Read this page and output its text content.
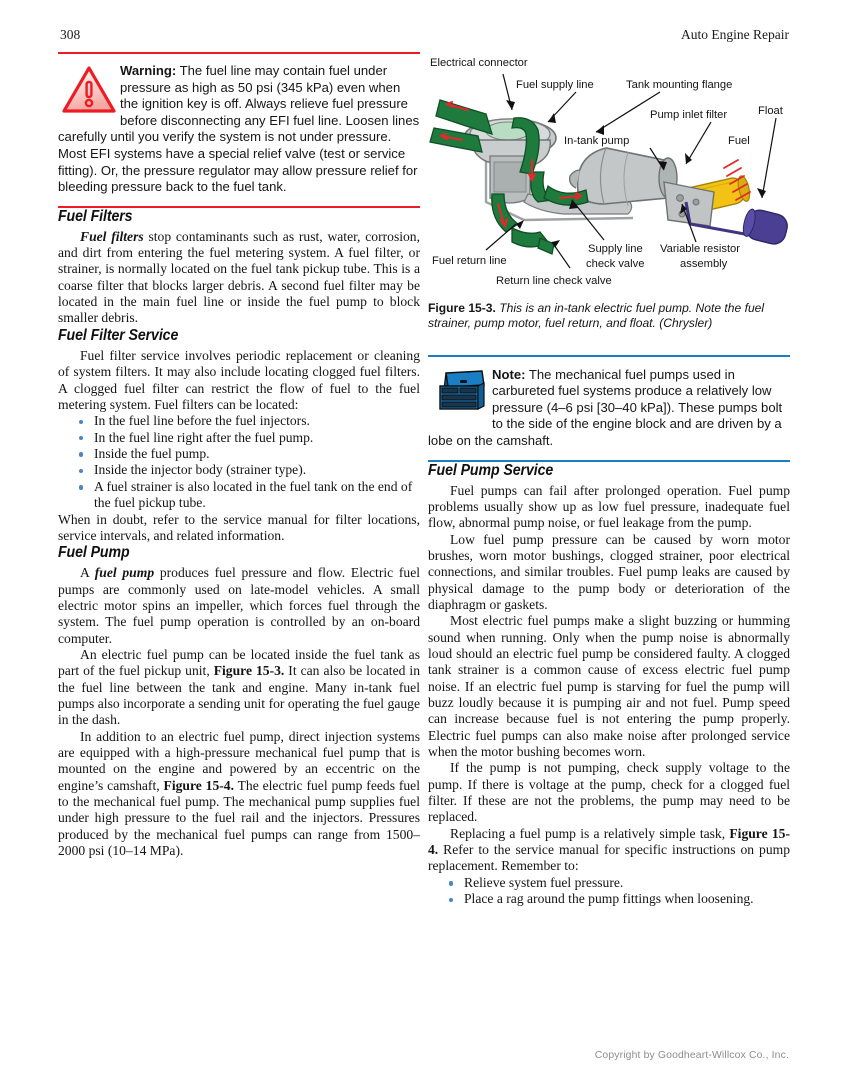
308	Auto Engine Repair

Warning: The fuel line may contain fuel under pressure as high as 50 psi (345 kPa) even when the ignition key is off. Always relieve fuel pressure before disconnecting any EFI fuel line. Loosen lines carefully until you verify the system is not under pressure. Most EFI systems have a special relief valve (test or service fitting). Or, the pressure regulator may allow pressure relief for bleeding pressure back to the fuel tank.

Fuel Filters

Fuel filters stop contaminants such as rust, water, corrosion, and dirt from entering the fuel metering system. A fuel filter, or strainer, is normally located on the fuel tank pickup tube. This is a coarse filter that blocks larger debris. A second fuel filter may be located in the main fuel line or inside the fuel pump to block smaller debris.

Fuel Filter Service

Fuel filter service involves periodic replacement or cleaning of system filters. It may also include locating clogged fuel filters. A clogged fuel filter can restrict the flow of fuel to the fuel metering system. Fuel filters can be located:

In the fuel line before the fuel injectors.
In the fuel line right after the fuel pump.
Inside the fuel pump.
Inside the injector body (strainer type).
A fuel strainer is also located in the fuel tank on the end of the fuel pickup tube.

When in doubt, refer to the service manual for filter locations, service intervals, and related information.

Fuel Pump

A fuel pump produces fuel pressure and flow. Electric fuel pumps are commonly used on late-model vehicles. A small electric motor spins an impeller, which forces fuel through the system. The fuel pump operation is controlled by an on-board computer.

An electric fuel pump can be located inside the fuel tank as part of the fuel pickup unit, Figure 15-3. It can also be located in the fuel line between the tank and engine. Many in-tank fuel pumps also incorporate a sending unit for operating the fuel gauge in the dash.

In addition to an electric fuel pump, direct injection systems are equipped with a high-pressure mechanical fuel pump that is mounted on the engine and powered by an eccentric on the engine’s camshaft, Figure 15-4. The electric fuel pump feeds fuel to the mechanical fuel pump. The mechanical pump supplies fuel under high pressure to the fuel rail and the injectors. Pressures produced by the mechanical fuel pumps can range from 1500–2000 psi (10–14 MPa).

Electrical connector
Fuel supply line	Tank mounting flange
Pump inlet filter	Float
In-tank pump	Fuel
Supply line
check valve
Variable resistor
assembly
Fuel return line
Return line check valve

Figure 15-3. This is an in-tank electric fuel pump. Note the fuel strainer, pump motor, fuel return, and float. (Chrysler)

Note: The mechanical fuel pumps used in carbureted fuel systems produce a relatively low pressure (4–6 psi [30–40 kPa]). These pumps bolt to the side of the engine block and are driven by a lobe on the camshaft.

Fuel Pump Service

Fuel pumps can fail after prolonged operation. Fuel pump problems usually show up as low fuel pressure, inadequate fuel flow, abnormal pump noise, or fuel leakage from the pump.

Low fuel pump pressure can be caused by worn motor brushes, worn motor bushings, clogged strainer, poor electrical connections, and similar troubles. Fuel pump leaks are caused by physical damage to the pump body or deterioration of the diaphragm or gaskets.

Most electric fuel pumps make a slight buzzing or humming sound when running. Only when the pump noise is abnormally loud should an electric fuel pump be considered faulty. A clogged tank strainer is a common cause of excess electric fuel pump noise. If an electric fuel pump is starving for fuel the pump will buzz loudly because it is pumping air and not fuel. Pump speed can increase because fuel is not entering the pump properly. Electric fuel pumps can also make noise after prolonged service when the motor bushing becomes worn.

If the pump is not pumping, check supply voltage to the pump. If there is voltage at the pump, check for a clogged fuel filter. If these are not the problems, the pump may need to be replaced.

Replacing a fuel pump is a relatively simple task, Figure 15-4. Refer to the service manual for specific instructions on pump replacement. Remember to:

Relieve system fuel pressure.
Place a rag around the pump fittings when loosening.
Copyright by Goodheart-Willcox Co., Inc.
